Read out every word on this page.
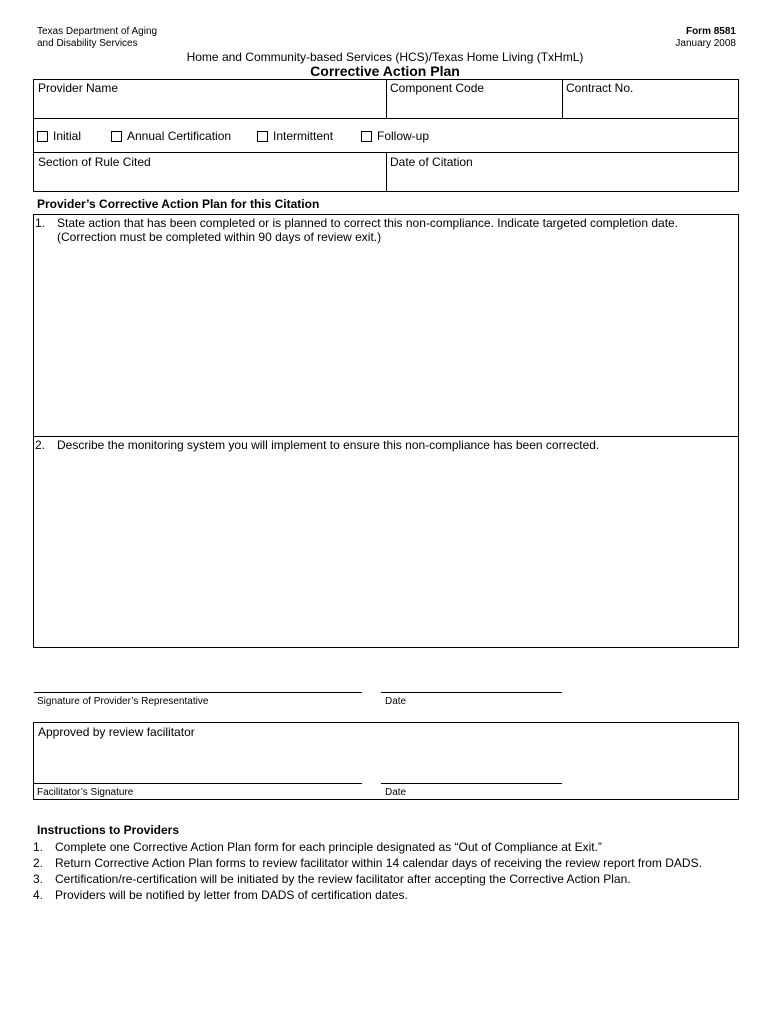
Texas Department of Aging
and Disability Services
Form 8581
January 2008
Home and Community-based Services (HCS)/Texas Home Living (TxHmL)
Corrective Action Plan
Provider Name	Component Code	Contract No.
Initial	Annual Certification	Intermittent	Follow-up
Section of Rule Cited	Date of Citation
Provider’s Corrective Action Plan for this Citation
1. State action that has been completed or is planned to correct this non-compliance. Indicate targeted completion date.
(Correction must be completed within 90 days of review exit.)
2. Describe the monitoring system you will implement to ensure this non-compliance has been corrected.
Signature of Provider’s Representative	Date
Approved by review facilitator
Facilitator’s Signature	Date
Instructions to Providers
1. Complete one Corrective Action Plan form for each principle designated as “Out of Compliance at Exit.”
2. Return Corrective Action Plan forms to review facilitator within 14 calendar days of receiving the review report from DADS.
3. Certification/re-certification will be initiated by the review facilitator after accepting the Corrective Action Plan.
4. Providers will be notified by letter from DADS of certification dates.
